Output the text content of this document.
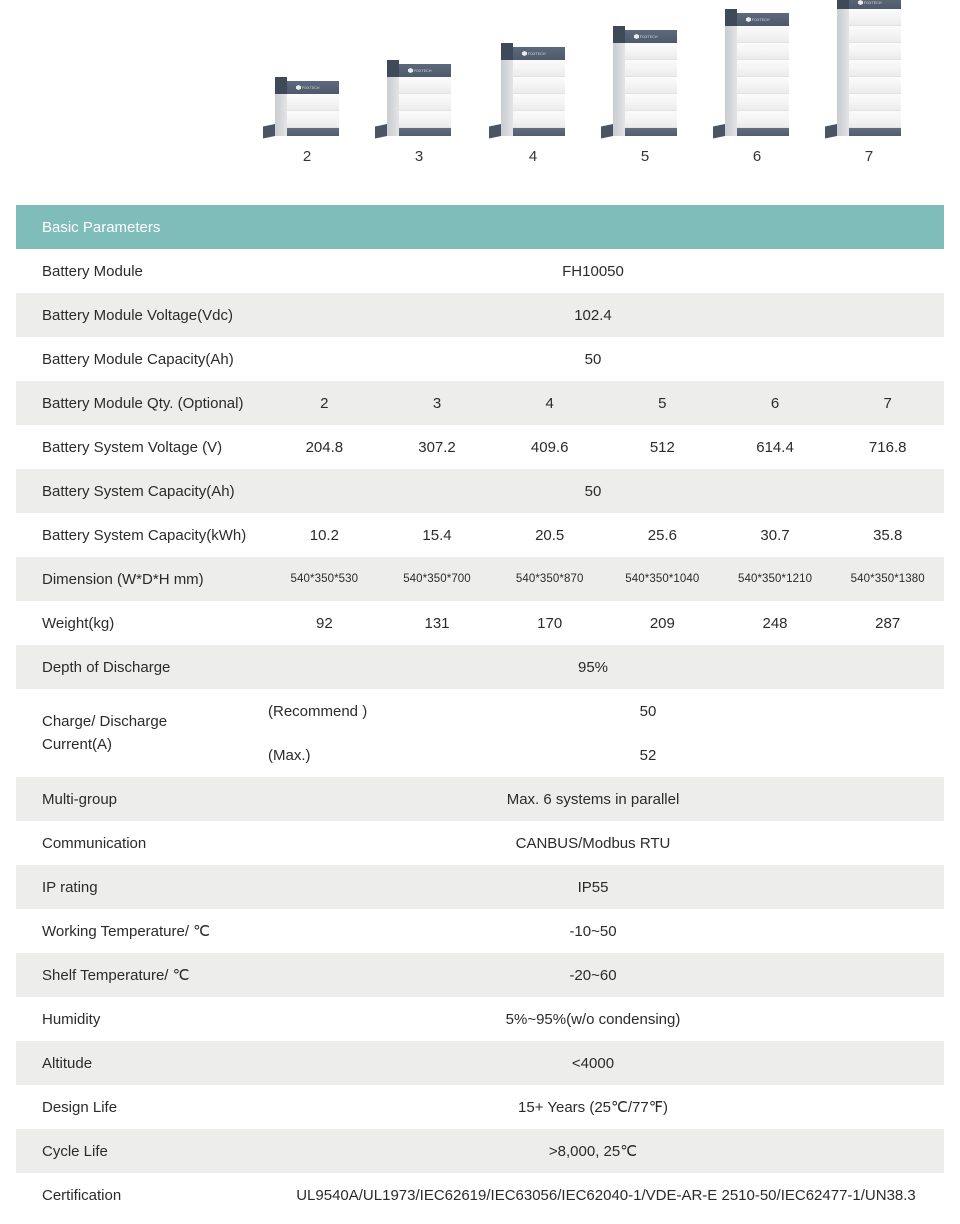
FOXTECH
2
FOXTECH
3
FOXTECH
4
FOXTECH
5
FOXTECH
6
FOXTECH
7
Basic Parameters
Battery Module	FH10050
Battery Module Voltage(Vdc)	102.4
Battery Module Capacity(Ah)	50
Battery Module Qty. (Optional)	2	3	4	5	6	7
Battery System Voltage (V)	204.8	307.2	409.6	512	614.4	716.8
Battery System Capacity(Ah)	50
Battery System Capacity(kWh)	10.2	15.4	20.5	25.6	30.7	35.8
Dimension (W*D*H mm)	540*350*530	540*350*700	540*350*870	540*350*1040	540*350*1210	540*350*1380
Weight(kg)	92	131	170	209	248	287
Depth of Discharge	95%
Charge/ Discharge
Current(A)
(Recommend )	50
(Max.)	52
Multi-group	Max. 6 systems in parallel
Communication	CANBUS/Modbus RTU
IP rating	IP55
Working Temperature/ ℃	-10~50
Shelf Temperature/ ℃	-20~60
Humidity	5%~95%(w/o condensing)
Altitude	<4000
Design Life	15+ Years (25℃/77℉)
Cycle Life	>8,000, 25℃
Certification	UL9540A/UL1973/IEC62619/IEC63056/IEC62040-1/VDE-AR-E 2510-50/IEC62477-1/UN38.3
